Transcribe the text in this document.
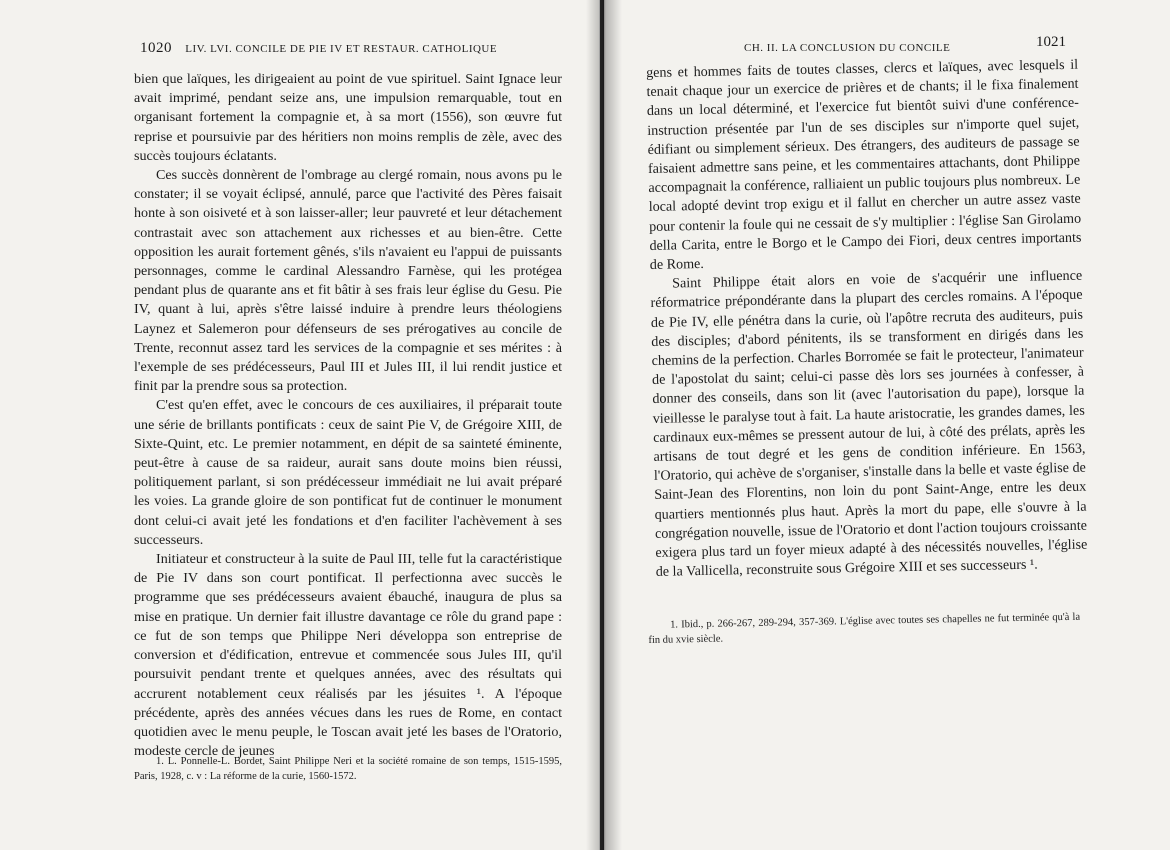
1020 LIV. LVI. CONCILE DE PIE IV ET RESTAUR. CATHOLIQUE

bien que laïques, les dirigeaient au point de vue spirituel. Saint Ignace leur avait imprimé, pendant seize ans, une impulsion remarquable, tout en organisant fortement la compagnie et, à sa mort (1556), son œuvre fut reprise et poursuivie par des héritiers non moins remplis de zèle, avec des succès toujours éclatants.

Ces succès donnèrent de l'ombrage au clergé romain, nous avons pu le constater; il se voyait éclipsé, annulé, parce que l'activité des Pères faisait honte à son oisiveté et à son laisser-aller; leur pauvreté et leur détachement contrastait avec son attachement aux richesses et au bien-être. Cette opposition les aurait fortement gênés, s'ils n'avaient eu l'appui de puissants personnages, comme le cardinal Alessandro Farnèse, qui les protégea pendant plus de quarante ans et fit bâtir à ses frais leur église du Gesu. Pie IV, quant à lui, après s'être laissé induire à prendre leurs théologiens Laynez et Salemeron pour défenseurs de ses prérogatives au concile de Trente, reconnut assez tard les services de la compagnie et ses mérites : à l'exemple de ses prédécesseurs, Paul III et Jules III, il lui rendit justice et finit par la prendre sous sa protection.

C'est qu'en effet, avec le concours de ces auxiliaires, il préparait toute une série de brillants pontificats : ceux de saint Pie V, de Grégoire XIII, de Sixte-Quint, etc. Le premier notamment, en dépit de sa sainteté éminente, peut-être à cause de sa raideur, aurait sans doute moins bien réussi, politiquement parlant, si son prédécesseur immédiait ne lui avait préparé les voies. La grande gloire de son pontificat fut de continuer le monument dont celui-ci avait jeté les fondations et d'en faciliter l'achèvement à ses successeurs.

Initiateur et constructeur à la suite de Paul III, telle fut la caractéristique de Pie IV dans son court pontificat. Il perfectionna avec succès le programme que ses prédécesseurs avaient ébauché, inaugura de plus sa mise en pratique. Un dernier fait illustre davantage ce rôle du grand pape : ce fut de son temps que Philippe Neri développa son entreprise de conversion et d'édification, entrevue et commencée sous Jules III, qu'il poursuivit pendant trente et quelques années, avec des résultats qui accrurent notablement ceux réalisés par les jésuites ¹. A l'époque précédente, après des années vécues dans les rues de Rome, en contact quotidien avec le menu peuple, le Toscan avait jeté les bases de l'Oratorio, modeste cercle de jeunes

1. L. Ponnelle-L. Bordet, Saint Philippe Neri et la société romaine de son temps, 1515-1595, Paris, 1928, c. v : La réforme de la curie, 1560-1572.

CH. II. LA CONCLUSION DU CONCILE	1021

gens et hommes faits de toutes classes, clercs et laïques, avec lesquels il tenait chaque jour un exercice de prières et de chants; il le fixa finalement dans un local déterminé, et l'exercice fut bientôt suivi d'une conférence-instruction présentée par l'un de ses disciples sur n'importe quel sujet, édifiant ou simplement sérieux. Des étrangers, des auditeurs de passage se faisaient admettre sans peine, et les commentaires attachants, dont Philippe accompagnait la conférence, ralliaient un public toujours plus nombreux. Le local adopté devint trop exigu et il fallut en chercher un autre assez vaste pour contenir la foule qui ne cessait de s'y multiplier : l'église San Girolamo della Carita, entre le Borgo et le Campo dei Fiori, deux centres importants de Rome.

Saint Philippe était alors en voie de s'acquérir une influence réformatrice prépondérante dans la plupart des cercles romains. A l'époque de Pie IV, elle pénétra dans la curie, où l'apôtre recruta des auditeurs, puis des disciples; d'abord pénitents, ils se transforment en dirigés dans les chemins de la perfection. Charles Borromée se fait le protecteur, l'animateur de l'apostolat du saint; celui-ci passe dès lors ses journées à confesser, à donner des conseils, dans son lit (avec l'autorisation du pape), lorsque la vieillesse le paralyse tout à fait. La haute aristocratie, les grandes dames, les cardinaux eux-mêmes se pressent autour de lui, à côté des prélats, après les artisans de tout degré et les gens de condition inférieure. En 1563, l'Oratorio, qui achève de s'organiser, s'installe dans la belle et vaste église de Saint-Jean des Florentins, non loin du pont Saint-Ange, entre les deux quartiers mentionnés plus haut. Après la mort du pape, elle s'ouvre à la congrégation nouvelle, issue de l'Oratorio et dont l'action toujours croissante exigera plus tard un foyer mieux adapté à des nécessités nouvelles, l'église de la Vallicella, reconstruite sous Grégoire XIII et ses successeurs ¹.

1. Ibid., p. 266-267, 289-294, 357-369. L'église avec toutes ses chapelles ne fut terminée qu'à la fin du xvie siècle.
